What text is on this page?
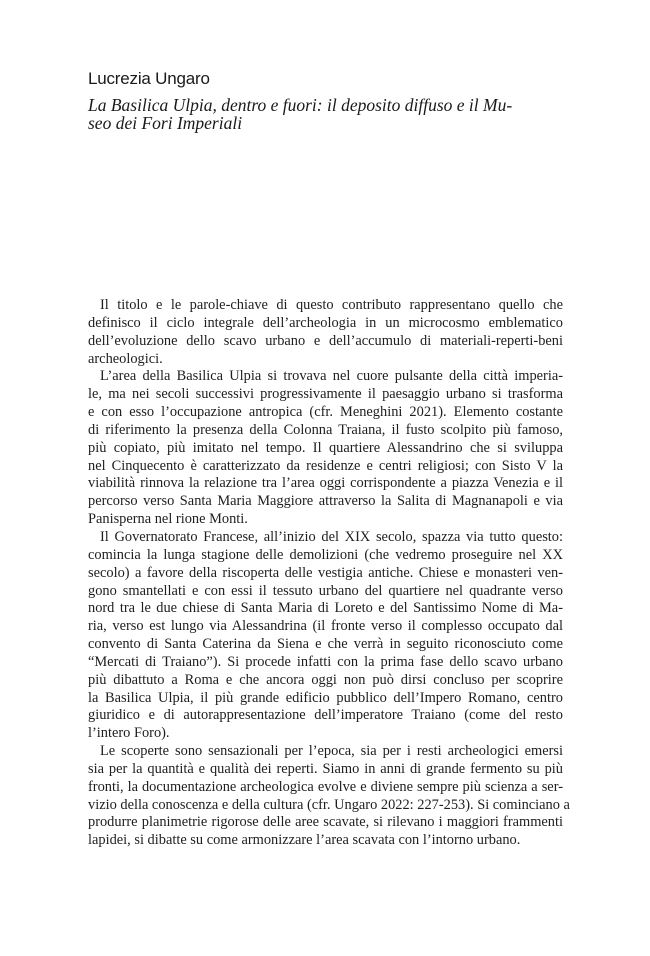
Lucrezia Ungaro
La Basilica Ulpia, dentro e fuori: il deposito diffuso e il Mu-
seo dei Fori Imperiali
Il titolo e le parole-chiave di questo contributo rappresentano quello che
definisco il ciclo integrale dell’archeologia in un microcosmo emblematico
dell’evoluzione dello scavo urbano e dell’accumulo di materiali-reperti-beni
archeologici.
L’area della Basilica Ulpia si trovava nel cuore pulsante della città imperia-
le, ma nei secoli successivi progressivamente il paesaggio urbano si trasforma
e con esso l’occupazione antropica (cfr. Meneghini 2021). Elemento costante
di riferimento la presenza della Colonna Traiana, il fusto scolpito più famoso,
più copiato, più imitato nel tempo. Il quartiere Alessandrino che si sviluppa
nel Cinquecento è caratterizzato da residenze e centri religiosi; con Sisto V la
viabilità rinnova la relazione tra l’area oggi corrispondente a piazza Venezia e il
percorso verso Santa Maria Maggiore attraverso la Salita di Magnanapoli e via
Panisperna nel rione Monti.
Il Governatorato Francese, all’inizio del XIX secolo, spazza via tutto questo:
comincia la lunga stagione delle demolizioni (che vedremo proseguire nel XX
secolo) a favore della riscoperta delle vestigia antiche. Chiese e monasteri ven-
gono smantellati e con essi il tessuto urbano del quartiere nel quadrante verso
nord tra le due chiese di Santa Maria di Loreto e del Santissimo Nome di Ma-
ria, verso est lungo via Alessandrina (il fronte verso il complesso occupato dal
convento di Santa Caterina da Siena e che verrà in seguito riconosciuto come
“Mercati di Traiano”). Si procede infatti con la prima fase dello scavo urbano
più dibattuto a Roma e che ancora oggi non può dirsi concluso per scoprire
la Basilica Ulpia, il più grande edificio pubblico dell’Impero Romano, centro
giuridico e di autorappresentazione dell’imperatore Traiano (come del resto
l’intero Foro).
Le scoperte sono sensazionali per l’epoca, sia per i resti archeologici emersi
sia per la quantità e qualità dei reperti. Siamo in anni di grande fermento su più
fronti, la documentazione archeologica evolve e diviene sempre più scienza a ser-
vizio della conoscenza e della cultura (cfr. Ungaro 2022: 227-253). Si cominciano a
produrre planimetrie rigorose delle aree scavate, si rilevano i maggiori frammenti
lapidei, si dibatte su come armonizzare l’area scavata con l’intorno urbano.
